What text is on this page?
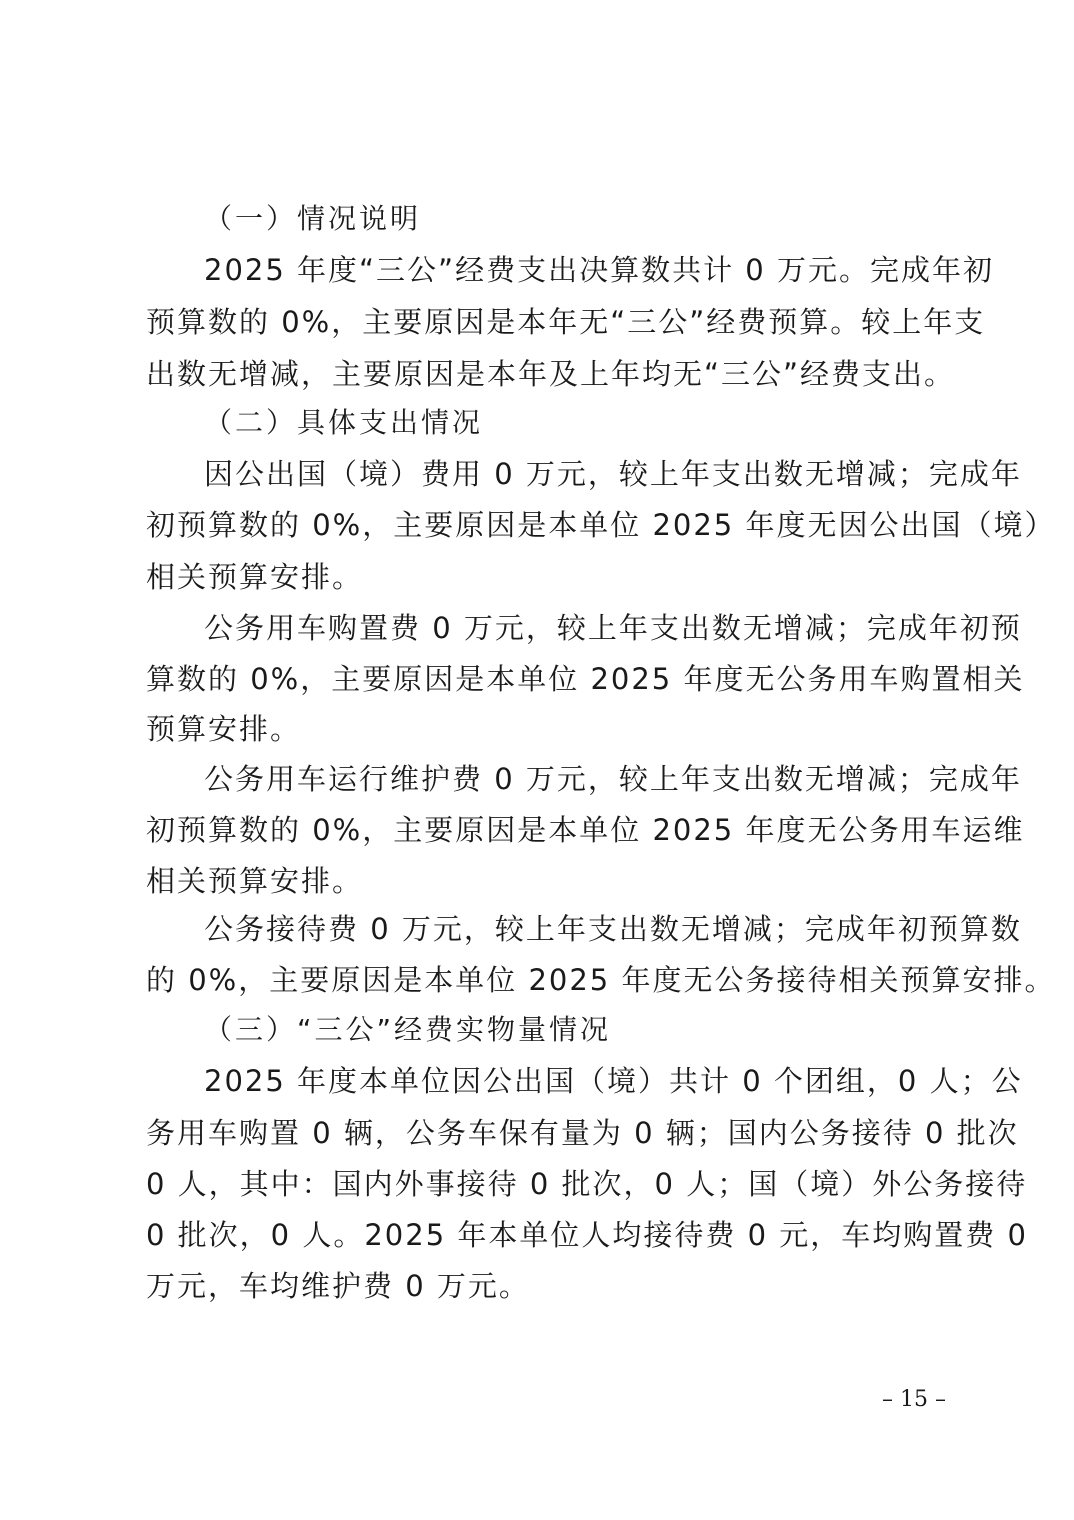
（一）情况说明
2025 年度“三公”经费支出决算数共计 0 万元。完成年初
预算数的 0%，主要原因是本年无“三公”经费预算。较上年支
出数无增减，主要原因是本年及上年均无“三公”经费支出。
（二）具体支出情况
因公出国（境）费用 0 万元，较上年支出数无增减；完成年
初预算数的 0%，主要原因是本单位 2025 年度无因公出国（境）
相关预算安排。
公务用车购置费 0 万元，较上年支出数无增减；完成年初预
算数的 0%，主要原因是本单位 2025 年度无公务用车购置相关
预算安排。
公务用车运行维护费 0 万元，较上年支出数无增减；完成年
初预算数的 0%，主要原因是本单位 2025 年度无公务用车运维
相关预算安排。
公务接待费 0 万元，较上年支出数无增减；完成年初预算数
的 0%，主要原因是本单位 2025 年度无公务接待相关预算安排。
（三）“三公”经费实物量情况
2025 年度本单位因公出国（境）共计 0 个团组，0 人；公
务用车购置 0 辆，公务车保有量为 0 辆；国内公务接待 0 批次
0 人，其中：国内外事接待 0 批次，0 人；国（境）外公务接待
0 批次，0 人。2025 年本单位人均接待费 0 元，车均购置费 0
万元，车均维护费 0 万元。
– 15 –
